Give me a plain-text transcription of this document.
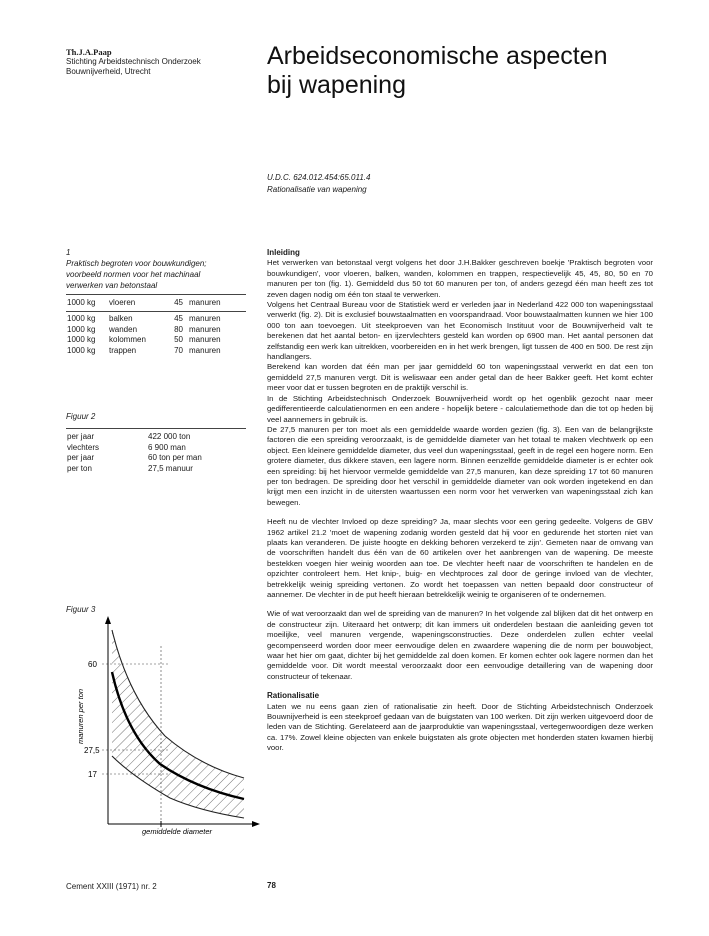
Th.J.A.Paap
Stichting Arbeidstechnisch Onderzoek
Bouwnijverheid, Utrecht
Arbeidseconomische aspecten
bij wapening
U.D.C. 624.012.454:65.011.4
Rationalisatie van wapening
1
Praktisch begroten voor bouwkundigen;
voorbeeld normen voor het machinaal
verwerken van betonstaal
1000 kg	vloeren	45	manuren
1000 kg	balken	45	manuren
1000 kg	wanden	80	manuren
1000 kg	kolommen	50	manuren
1000 kg	trappen	70	manuren
Figuur 2
per jaar	422 000 ton
vlechters	6 900 man
per jaar	60 ton per man
per ton	27,5 manuur
Figuur 3
60
27,5
17
manuren per ton
gemiddelde diameter
Inleiding

Het verwerken van betonstaal vergt volgens het door J.H.Bakker geschreven boekje 'Praktisch begroten voor bouwkundigen', voor vloeren, balken, wanden, kolommen en trappen, respectievelijk 45, 45, 80, 50 en 70 manuren per ton (fig. 1). Gemiddeld dus 50 tot 60 manuren per ton, of anders gezegd één man heeft zes tot zeven dagen nodig om één ton staal te verwerken.

Volgens het Centraal Bureau voor de Statistiek werd er verleden jaar in Nederland 422 000 ton wapeningsstaal verwerkt (fig. 2). Dit is exclusief bouwstaalmatten en voorspandraad. Voor bouwstaalmatten kunnen we hier 100 000 ton aan toevoegen. Uit steekproeven van het Economisch Instituut voor de Bouwnijverheid valt te berekenen dat het aantal beton- en ijzervlechters gesteld kan worden op 6900 man. Het aantal personen dat zelfstandig een werk kan uitrekken, voorbereiden en in het werk brengen, ligt tussen de 400 en 500. De rest zijn handlangers.

Berekend kan worden dat één man per jaar gemiddeld 60 ton wapeningsstaal verwerkt en dat een ton gemiddeld 27,5 manuren vergt. Dit is weliswaar een ander getal dan de heer Bakker geeft. Het komt echter meer voor dat er tussen begroten en de praktijk verschil is.

In de Stichting Arbeidstechnisch Onderzoek Bouwnijverheid wordt op het ogenblik gezocht naar meer gedifferentieerde calculatienormen en een andere - hopelijk betere - calculatiemethode dan die tot op heden bij veel aannemers in gebruik is.

De 27,5 manuren per ton moet als een gemiddelde waarde worden gezien (fig. 3). Een van de belangrijkste factoren die een spreiding veroorzaakt, is de gemiddelde diameter van het totaal te maken vlechtwerk op een object. Een kleinere gemiddelde diameter, dus veel dun wapeningsstaal, geeft in de regel een hogere norm. Een grotere diameter, dus dikkere staven, een lagere norm. Binnen eenzelfde gemiddelde diameter is er echter ook een spreiding: bij het hiervoor vermelde gemiddelde van 27,5 manuren, kan deze spreiding 17 tot 60 manuren per ton bedragen. De spreiding door het verschil in gemiddelde diameter van ook worden ingetekend en dan krijgt men een inzicht in de uitersten waartussen een norm voor het verwerken van wapeningsstaal zich kan bewegen.

Heeft nu de vlechter Invloed op deze spreiding? Ja, maar slechts voor een gering gedeelte. Volgens de GBV 1962 artikel 21.2 'moet de wapening zodanig worden gesteld dat hij voor en gedurende het storten niet van plaats kan veranderen. De juiste hoogte en dekking behoren verzekerd te zijn'. Gemeten naar de omvang van de voorschriften handelt dus één van de 60 artikelen over het aanbrengen van de wapening. De meeste bestekken voegen hier weinig woorden aan toe. De vlechter heeft naar de voorschriften te handelen en de opzichter controleert hem. Het knip-, buig- en vlechtproces zal door de geringe invloed van de vlechter, betrekkelijk weinig spreiding vertonen. Zo wordt het toepassen van netten bepaald door constructeur of aannemer. De vlechter in de put heeft hieraan betrekkelijk weinig te organiseren of te ondernemen.

Wie of wat veroorzaakt dan wel de spreiding van de manuren? In het volgende zal blijken dat dit het ontwerp en de constructeur zijn. Uiteraard het ontwerp; dit kan immers uit onderdelen bestaan die aanleiding geven tot moeilijke, veel manuren vergende, wapeningsconstructies. Deze onderdelen zullen echter veelal gecompenseerd worden door meer eenvoudige delen en zwaardere wapening die de norm per bouwobject, waar het hier om gaat, dichter bij het gemiddelde zal doen komen. Er komen echter ook lagere normen dan het gemiddelde voor. Dit wordt meestal veroorzaakt door een eenvoudige detaillering van de wapening door constructeur of tekenaar.

Rationalisatie

Laten we nu eens gaan zien of rationalisatie zin heeft. Door de Stichting Arbeidstechnisch Onderzoek Bouwnijverheid is een steekproef gedaan van de buigstaten van 100 werken. Dit zijn werken uitgevoerd door de leden van de Stichting. Gerelateerd aan de jaarproduktie van wapeningsstaal, vertegenwoordigen deze werken ca. 17%. Zowel kleine objecten van enkele buigstaten als grote objecten met honderden staten kwamen hierbij voor.

Cement XXIII (1971) nr. 2	78
